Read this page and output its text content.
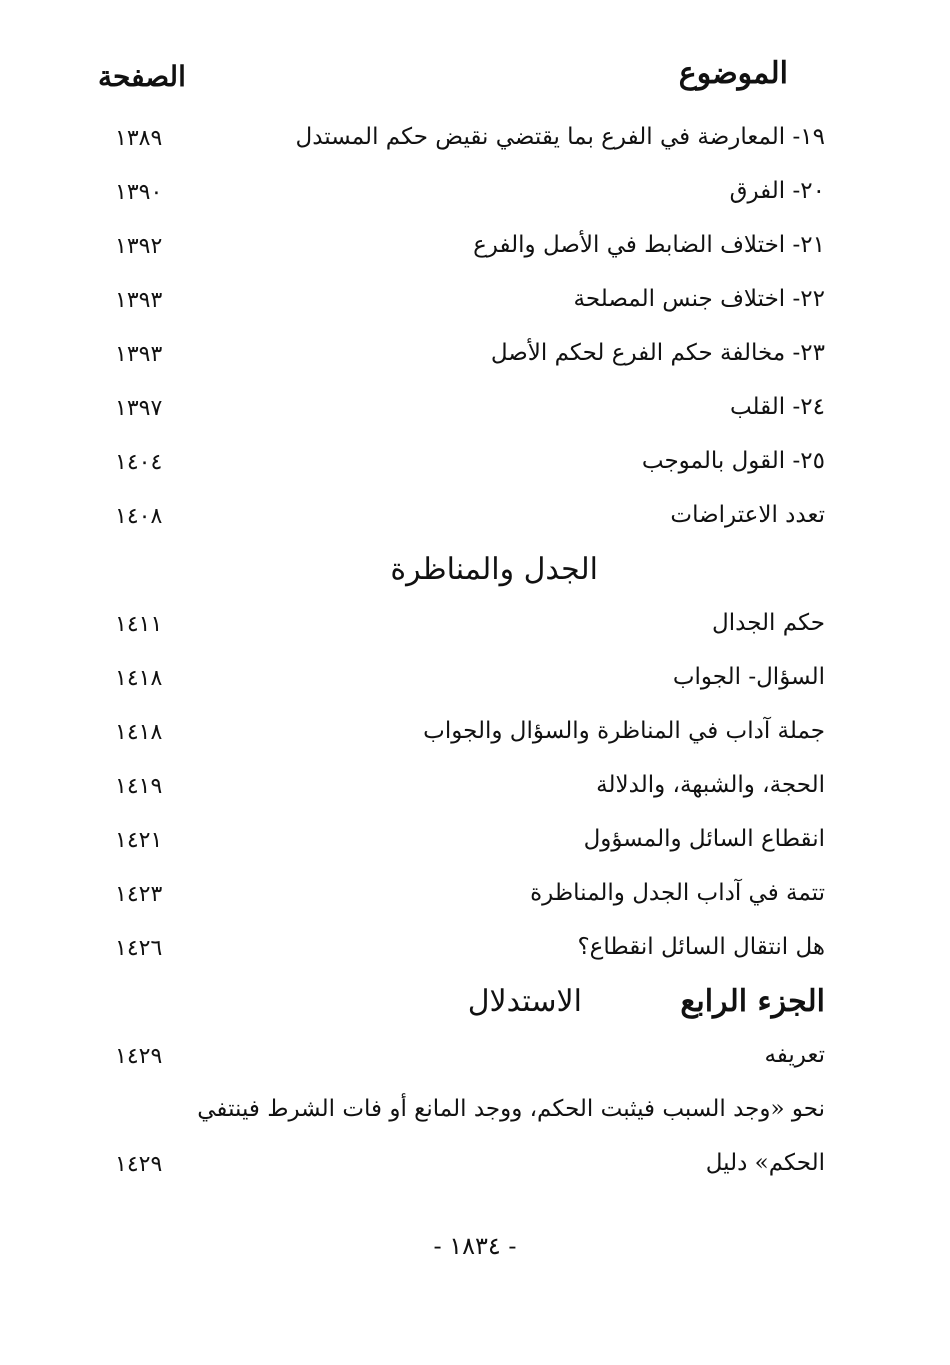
الموضوع
الصفحة
١٩- المعارضة في الفرع بما يقتضي نقيض حكم المستدل
١٣٨٩
٢٠- الفرق
١٣٩٠
٢١- اختلاف الضابط في الأصل والفرع
١٣٩٢
٢٢- اختلاف جنس المصلحة
١٣٩٣
٢٣- مخالفة حكم الفرع لحكم الأصل
١٣٩٣
٢٤- القلب
١٣٩٧
٢٥- القول بالموجب
١٤٠٤
تعدد الاعتراضات
١٤٠٨
الجدل والمناظرة
حكم الجدال
١٤١١
السؤال- الجواب
١٤١٨
جملة آداب في المناظرة والسؤال والجواب
١٤١٨
الحجة، والشبهة، والدلالة
١٤١٩
انقطاع السائل والمسؤول
١٤٢١
تتمة في آداب الجدل والمناظرة
١٤٢٣
هل انتقال السائل انقطاع؟
١٤٢٦
الجزء الرابع
الاستدلال
تعريفه
١٤٢٩
نحو «وجد السبب فيثبت الحكم، ووجد المانع أو فات الشرط فينتفي
الحكم» دليل
١٤٢٩
- ١٨٣٤ -
